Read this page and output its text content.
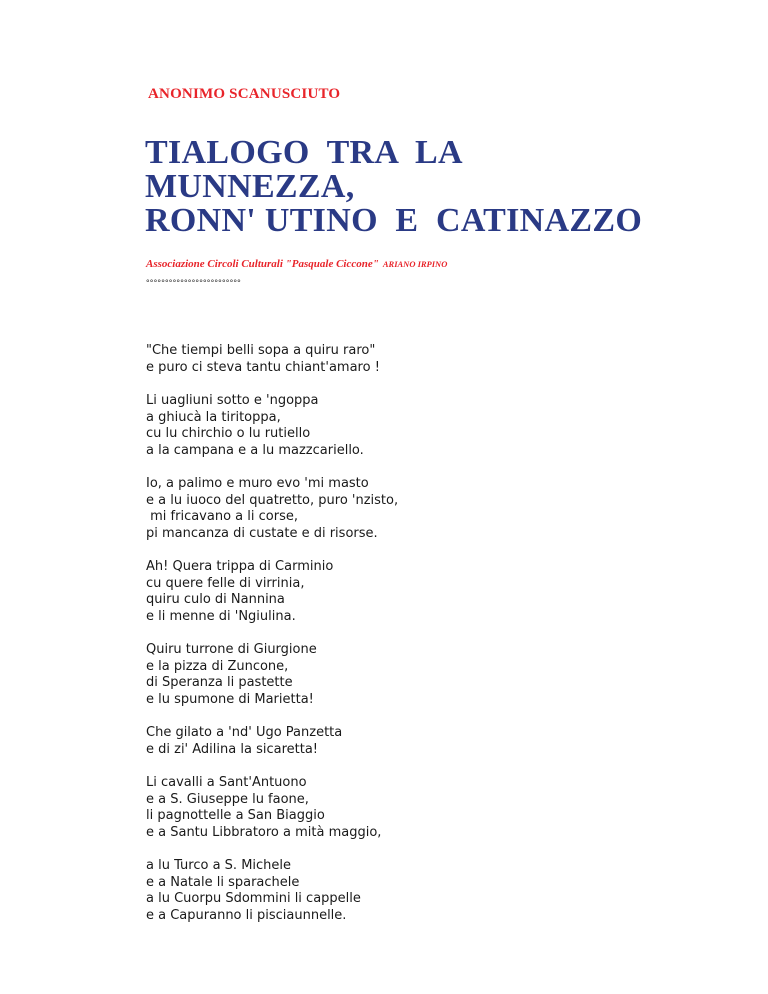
ANONIMO SCANUSCIUTO
TIALOGO  TRA  LA
MUNNEZZA,
RONN' UTINO  E  CATINAZZO
Associazione Circoli Culturali "Pasquale Ciccone" ARIANO IRPINO
°°°°°°°°°°°°°°°°°°°°°°°°°

"Che tiempi belli sopa a quiru raro"
e puro ci steva tantu chiant'amaro !

Li uagliuni sotto e 'ngoppa
a ghiucà la tiritoppa,
cu lu chirchio o lu rutiello
a la campana e a lu mazzcariello.

Io, a palimo e muro evo 'mi masto
e a lu iuoco del quatretto, puro 'nzisto,
mi fricavano a li corse,
pi mancanza di custate e di risorse.

Ah! Quera trippa di Carminio
cu quere felle di virrinia,
quiru culo di Nannina
e li menne di 'Ngiulina.

Quiru turrone di Giurgione
e la pizza di Zuncone,
di Speranza li pastette
e lu spumone di Marietta!

Che gilato a 'nd' Ugo Panzetta
e di zi' Adilina la sicaretta!

Li cavalli a Sant'Antuono
e a S. Giuseppe lu faone,
li pagnottelle a San Biaggio
e a Santu Libbratoro a mità maggio,

a lu Turco a S. Michele
e a Natale li sparachele
a lu Cuorpu Sdommini li cappelle
e a Capuranno li pisciaunnelle.
